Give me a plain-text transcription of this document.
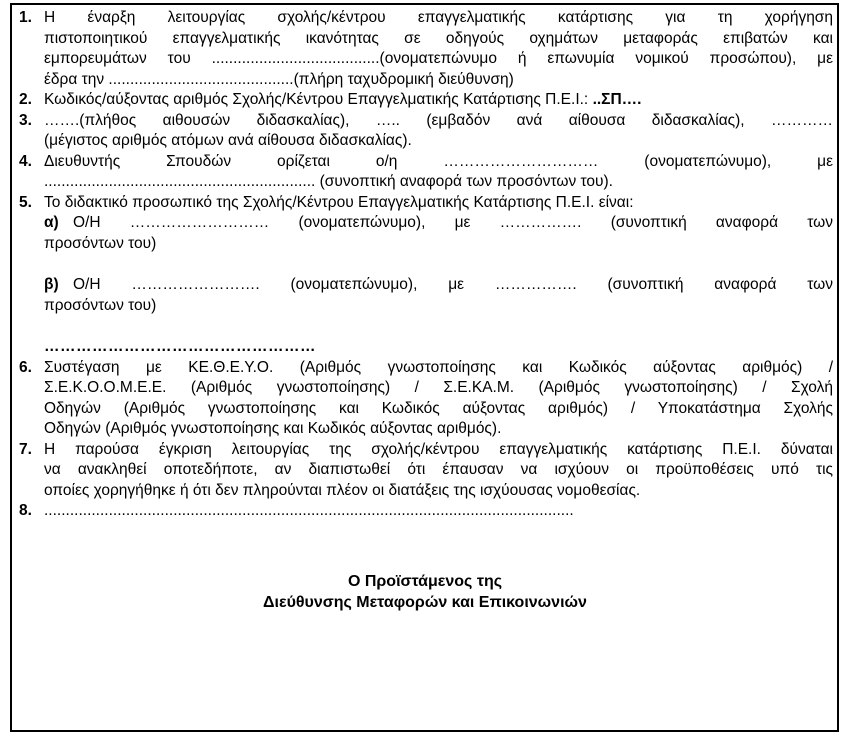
1. Η έναρξη λειτουργίας σχολής/κέντρου επαγγελματικής κατάρτισης για τη χορήγηση
πιστοποιητικού επαγγελματικής ικανότητας σε οδηγούς οχημάτων μεταφοράς επιβατών και
εμπορευμάτων του .......................................(ονοματεπώνυμο ή επωνυμία νομικού προσώπου), με
έδρα την ...........................................(πλήρη ταχυδρομική διεύθυνση)
2. Κωδικός/αύξοντας αριθμός Σχολής/Κέντρου Επαγγελματικής Κατάρτισης Π.Ε.Ι.: ..ΣΠ….
3. …….(πλήθος αιθουσών διδασκαλίας), ….. (εμβαδόν ανά αίθουσα διδασκαλίας), …………
(μέγιστος αριθμός ατόμων ανά αίθουσα διδασκαλίας).
4. Διευθυντής Σπουδών ορίζεται ο/η ………………………… (ονοματεπώνυμο), με
............................................................... (συνοπτική αναφορά των προσόντων του).
5. Το διδακτικό προσωπικό της Σχολής/Κέντρου Επαγγελματικής Κατάρτισης Π.Ε.Ι. είναι:
α) Ο/Η ……………………… (ονοματεπώνυμο), με ……………. (συνοπτική αναφορά των
προσόντων του)
β) Ο/Η ……………………. (ονοματεπώνυμο), με ……………. (συνοπτική αναφορά των
προσόντων του)
……………………………………………
6. Συστέγαση με ΚΕ.Θ.Ε.Υ.Ο. (Αριθμός γνωστοποίησης και Κωδικός αύξοντας αριθμός) /
Σ.Ε.Κ.Ο.Ο.Μ.Ε.Ε. (Αριθμός γνωστοποίησης) / Σ.Ε.ΚΑ.Μ. (Αριθμός γνωστοποίησης) / Σχολή
Οδηγών (Αριθμός γνωστοποίησης και Κωδικός αύξοντας αριθμός) / Υποκατάστημα Σχολής
Οδηγών (Αριθμός γνωστοποίησης και Κωδικός αύξοντας αριθμός).
7. Η παρούσα έγκριση λειτουργίας της σχολής/κέντρου επαγγελματικής κατάρτισης Π.Ε.Ι. δύναται
να ανακληθεί οποτεδήποτε, αν διαπιστωθεί ότι έπαυσαν να ισχύουν οι προϋποθέσεις υπό τις
οποίες χορηγήθηκε ή ότι δεν πληρούνται πλέον οι διατάξεις της ισχύουσας νομοθεσίας.
8. ...........................................................................................................................
Ο Προϊστάμενος της
Διεύθυνσης Μεταφορών και Επικοινωνιών
